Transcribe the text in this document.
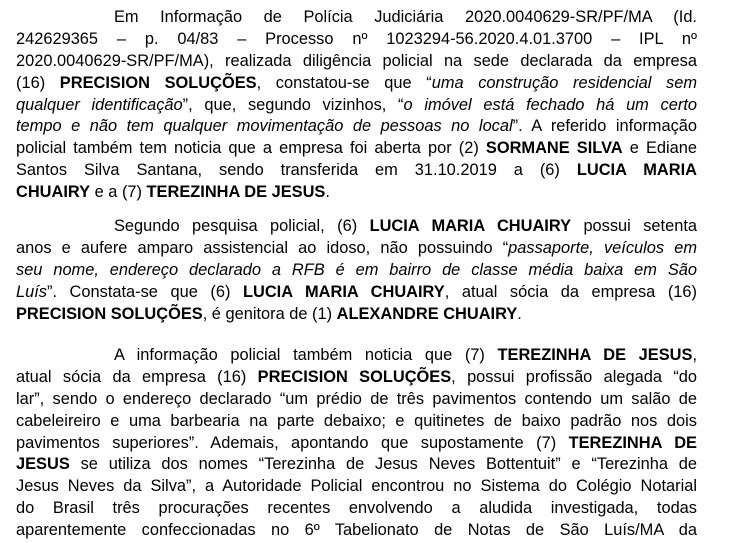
Em Informação de Polícia Judiciária 2020.0040629-SR/PF/MA (Id.
242629365 – p. 04/83 – Processo nº 1023294-56.2020.4.01.3700 – IPL nº
2020.0040629-SR/PF/MA), realizada diligência policial na sede declarada da empresa
(16) PRECISION SOLUÇÕES, constatou-se que “uma construção residencial sem
qualquer identificação”, que, segundo vizinhos, “o imóvel está fechado há um certo
tempo e não tem qualquer movimentação de pessoas no local”. A referido informação
policial também tem noticia que a empresa foi aberta por (2) SORMANE SILVA e Ediane
Santos Silva Santana, sendo transferida em 31.10.2019 a (6) LUCIA MARIA
CHUAIRY e a (7) TEREZINHA DE JESUS.
Segundo pesquisa policial, (6) LUCIA MARIA CHUAIRY possui setenta
anos e aufere amparo assistencial ao idoso, não possuindo “passaporte, veículos em
seu nome, endereço declarado a RFB é em bairro de classe média baixa em São
Luís”. Constata-se que (6) LUCIA MARIA CHUAIRY, atual sócia da empresa (16)
PRECISION SOLUÇÕES, é genitora de (1) ALEXANDRE CHUAIRY.
A informação policial também noticia que (7) TEREZINHA DE JESUS,
atual sócia da empresa (16) PRECISION SOLUÇÕES, possui profissão alegada “do
lar”, sendo o endereço declarado “um prédio de três pavimentos contendo um salão de
cabeleireiro e uma barbearia na parte debaixo; e quitinetes de baixo padrão nos dois
pavimentos superiores”. Ademais, apontando que supostamente (7) TEREZINHA DE
JESUS se utiliza dos nomes “Terezinha de Jesus Neves Bottentuit” e “Terezinha de
Jesus Neves da Silva”, a Autoridade Policial encontrou no Sistema do Colégio Notarial
do Brasil três procurações recentes envolvendo a aludida investigada, todas
aparentemente confeccionadas no 6º Tabelionato de Notas de São Luís/MA da
